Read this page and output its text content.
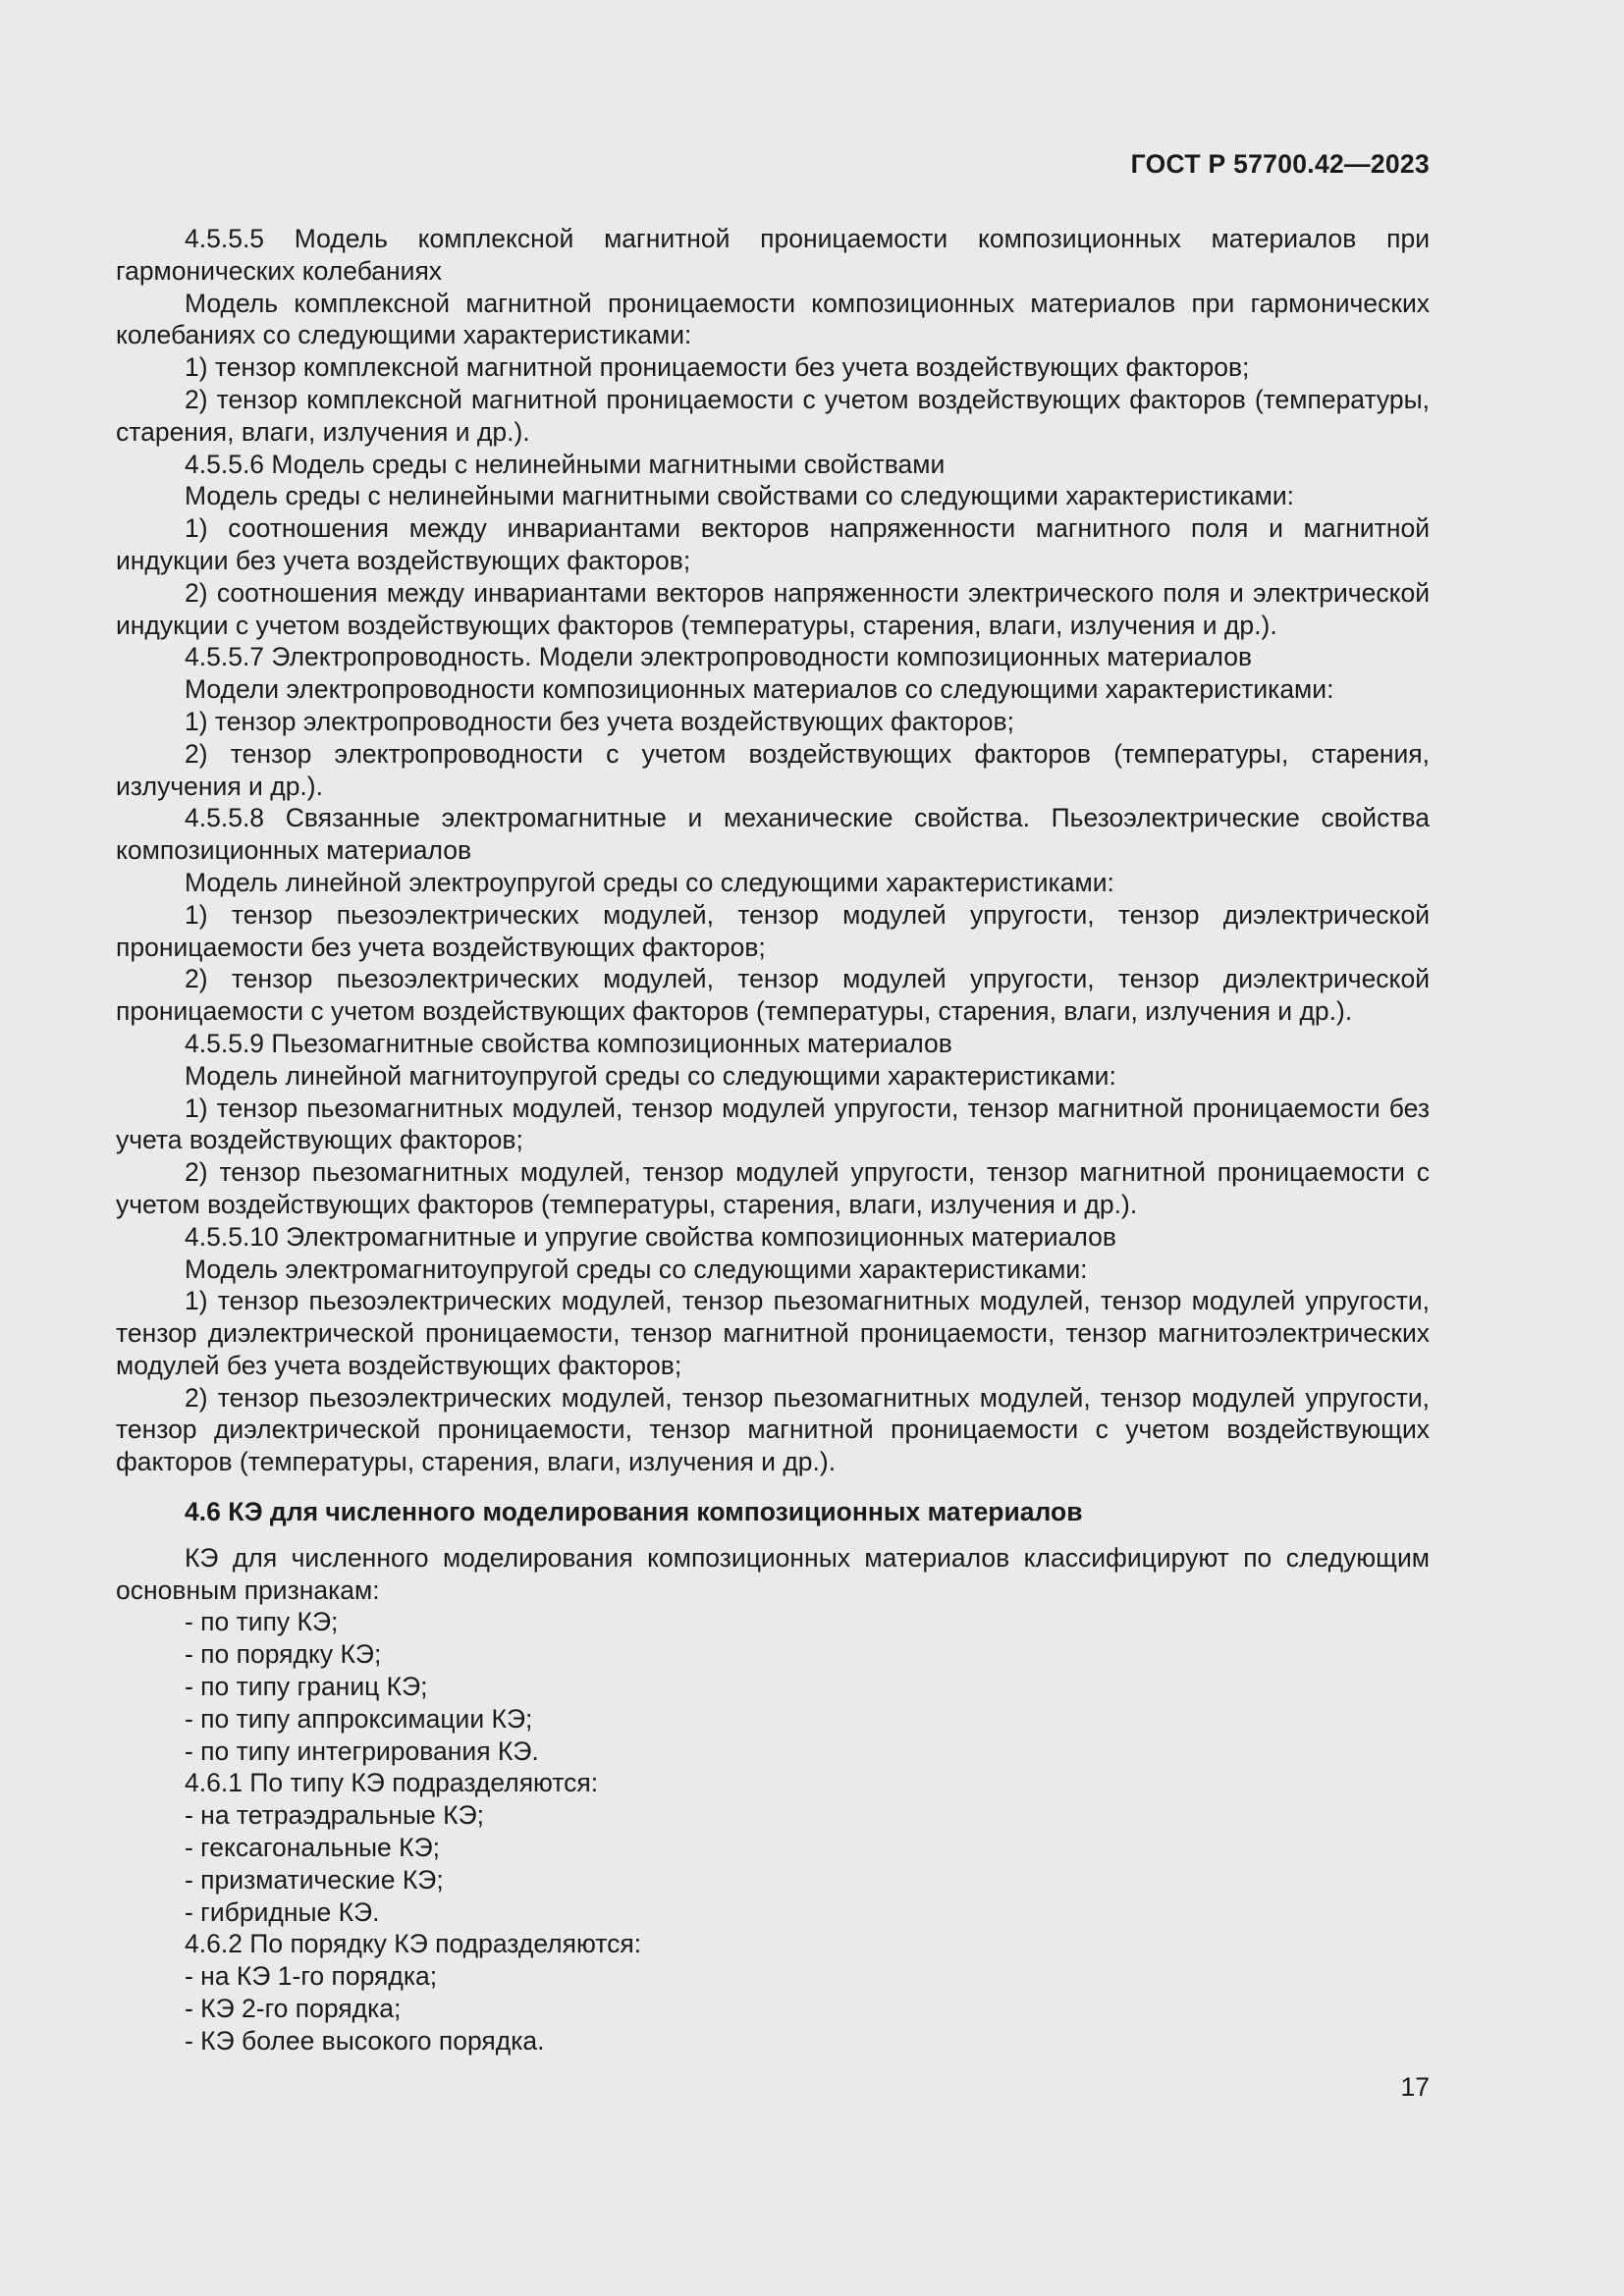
ГОСТ Р 57700.42—2023

4.5.5.5 Модель комплексной магнитной проницаемости композиционных материалов при гармонических колебаниях

Модель комплексной магнитной проницаемости композиционных материалов при гармонических колебаниях со следующими характеристиками:

1) тензор комплексной магнитной проницаемости без учета воздействующих факторов;

2) тензор комплексной магнитной проницаемости с учетом воздействующих факторов (температуры, старения, влаги, излучения и др.).

4.5.5.6 Модель среды с нелинейными магнитными свойствами

Модель среды с нелинейными магнитными свойствами со следующими характеристиками:

1) соотношения между инвариантами векторов напряженности магнитного поля и магнитной индукции без учета воздействующих факторов;

2) соотношения между инвариантами векторов напряженности электрического поля и электрической индукции с учетом воздействующих факторов (температуры, старения, влаги, излучения и др.).

4.5.5.7 Электропроводность. Модели электропроводности композиционных материалов

Модели электропроводности композиционных материалов со следующими характеристиками:

1) тензор электропроводности без учета воздействующих факторов;

2) тензор электропроводности с учетом воздействующих факторов (температуры, старения, излучения и др.).

4.5.5.8 Связанные электромагнитные и механические свойства. Пьезоэлектрические свойства композиционных материалов

Модель линейной электроупругой среды со следующими характеристиками:

1) тензор пьезоэлектрических модулей, тензор модулей упругости, тензор диэлектрической проницаемости без учета воздействующих факторов;

2) тензор пьезоэлектрических модулей, тензор модулей упругости, тензор диэлектрической проницаемости с учетом воздействующих факторов (температуры, старения, влаги, излучения и др.).

4.5.5.9 Пьезомагнитные свойства композиционных материалов

Модель линейной магнитоупругой среды со следующими характеристиками:

1) тензор пьезомагнитных модулей, тензор модулей упругости, тензор магнитной проницаемости без учета воздействующих факторов;

2) тензор пьезомагнитных модулей, тензор модулей упругости, тензор магнитной проницаемости с учетом воздействующих факторов (температуры, старения, влаги, излучения и др.).

4.5.5.10 Электромагнитные и упругие свойства композиционных материалов

Модель электромагнитоупругой среды со следующими характеристиками:

1) тензор пьезоэлектрических модулей, тензор пьезомагнитных модулей, тензор модулей упругости, тензор диэлектрической проницаемости, тензор магнитной проницаемости, тензор магнитоэлектрических модулей без учета воздействующих факторов;

2) тензор пьезоэлектрических модулей, тензор пьезомагнитных модулей, тензор модулей упругости, тензор диэлектрической проницаемости, тензор магнитной проницаемости с учетом воздействующих факторов (температуры, старения, влаги, излучения и др.).

4.6 КЭ для численного моделирования композиционных материалов

КЭ для численного моделирования композиционных материалов классифицируют по следующим основным признакам:

- по типу КЭ;

- по порядку КЭ;

- по типу границ КЭ;

- по типу аппроксимации КЭ;

- по типу интегрирования КЭ.

4.6.1 По типу КЭ подразделяются:

- на тетраэдральные КЭ;

- гексагональные КЭ;

- призматические КЭ;

- гибридные КЭ.

4.6.2 По порядку КЭ подразделяются:

- на КЭ 1-го порядка;

- КЭ 2-го порядка;

- КЭ более высокого порядка.

17
